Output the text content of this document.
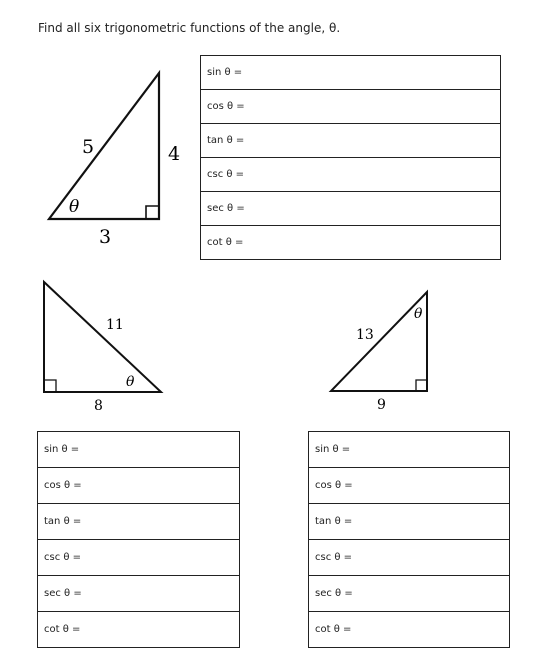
Find all six trigonometric functions of the angle, θ.
5	4
3
θ
sin θ =
cos θ =
tan θ =
csc θ =
sec θ =
cot θ =
11
8
θ
13
9
θ
sin θ =
cos θ =
tan θ =
csc θ =
sec θ =
cot θ =
sin θ =
cos θ =
tan θ =
csc θ =
sec θ =
cot θ =
